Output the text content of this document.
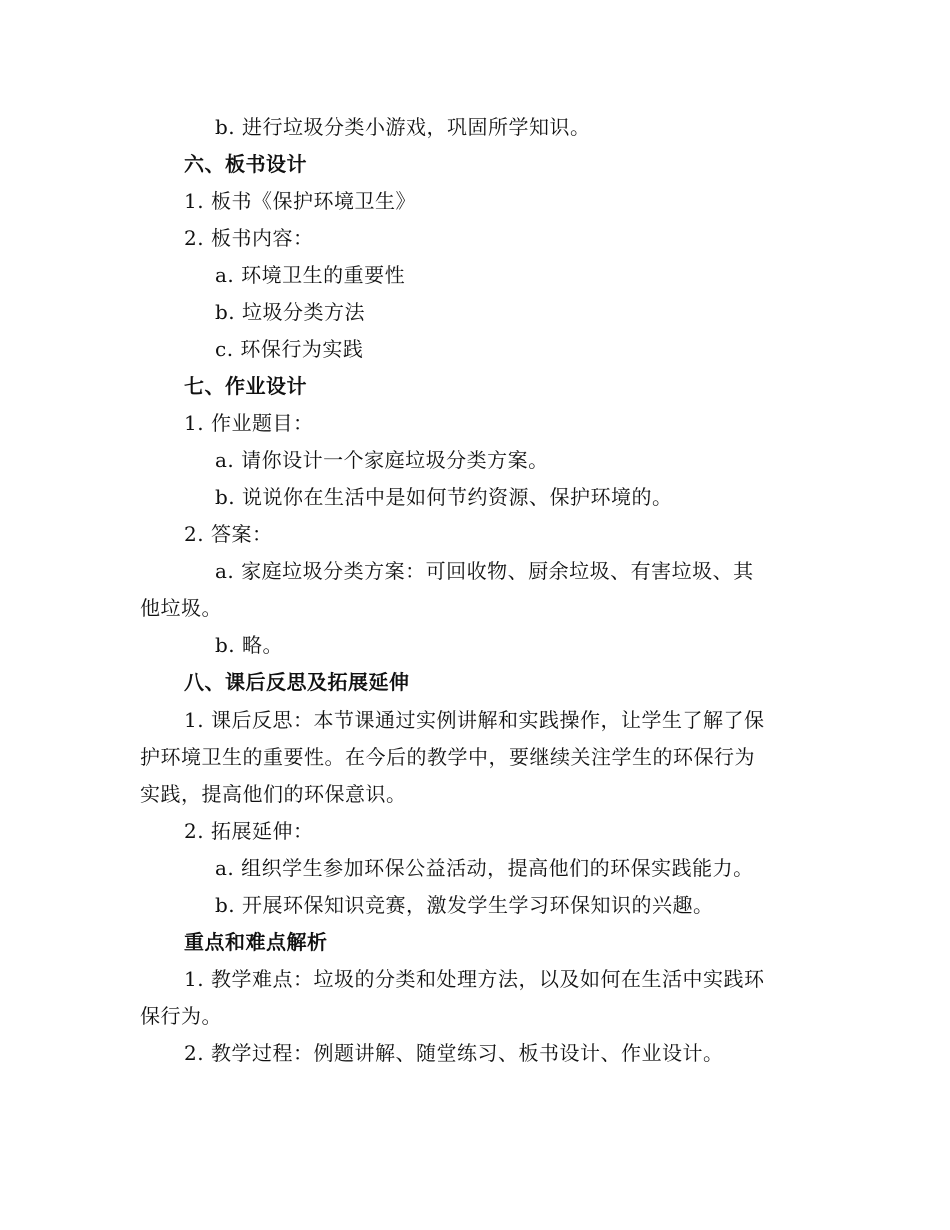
b. 进行垃圾分类小游戏，巩固所学知识。
六、板书设计
1. 板书《保护环境卫生》
2. 板书内容：
a. 环境卫生的重要性
b. 垃圾分类方法
c. 环保行为实践
七、作业设计
1. 作业题目：
a. 请你设计一个家庭垃圾分类方案。
b. 说说你在生活中是如何节约资源、保护环境的。
2. 答案：
a. 家庭垃圾分类方案：可回收物、厨余垃圾、有害垃圾、其
他垃圾。
b. 略。
八、课后反思及拓展延伸
1. 课后反思：本节课通过实例讲解和实践操作，让学生了解了保
护环境卫生的重要性。在今后的教学中，要继续关注学生的环保行为
实践，提高他们的环保意识。
2. 拓展延伸：
a. 组织学生参加环保公益活动，提高他们的环保实践能力。
b. 开展环保知识竞赛，激发学生学习环保知识的兴趣。
重点和难点解析
1. 教学难点：垃圾的分类和处理方法，以及如何在生活中实践环
保行为。
2. 教学过程：例题讲解、随堂练习、板书设计、作业设计。
